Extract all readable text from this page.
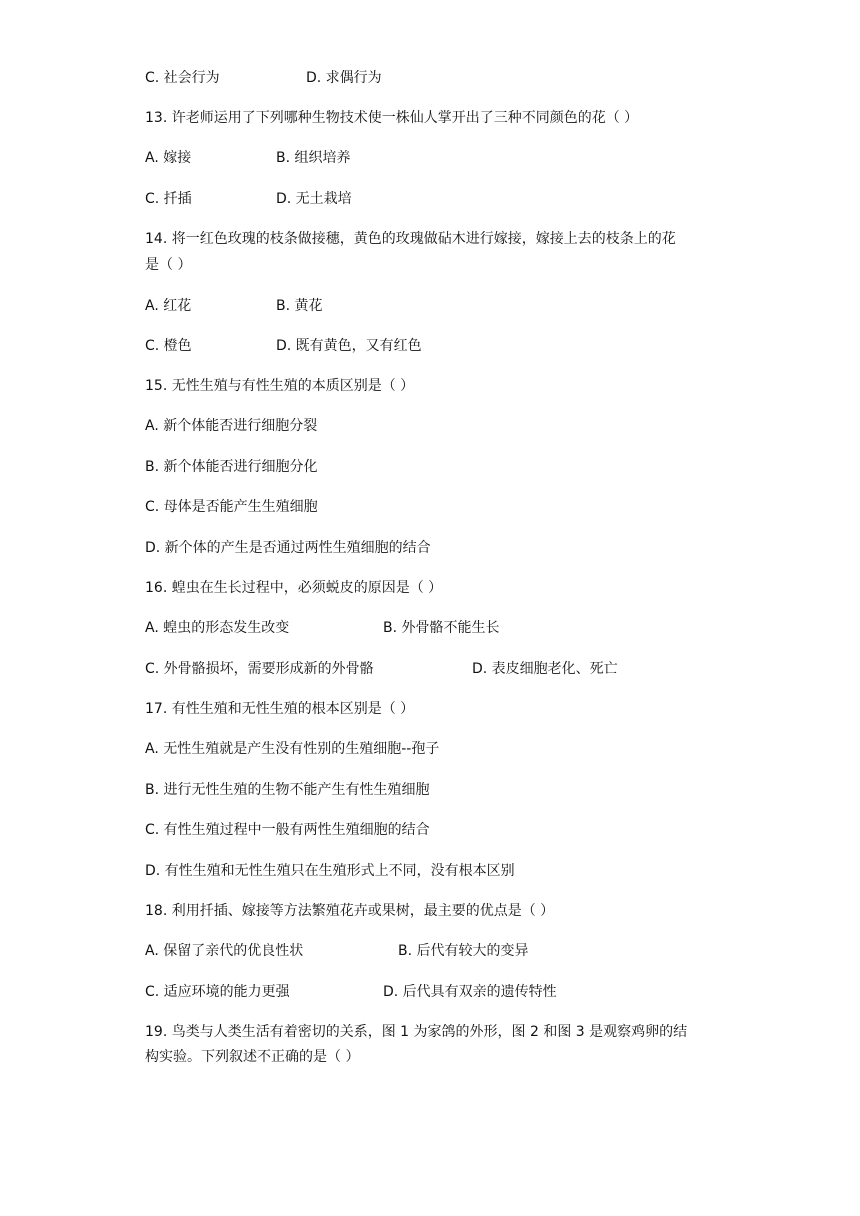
C. 社会行为	D. 求偶行为
13. 许老师运用了下列哪种生物技术使一株仙人掌开出了三种不同颜色的花（ ）
A. 嫁接	B. 组织培养
C. 扦插	D. 无土栽培
14. 将一红色玫瑰的枝条做接穗，黄色的玫瑰做砧木进行嫁接，嫁接上去的枝条上的花
是（ ）
A. 红花	B. 黄花
C. 橙色	D. 既有黄色，又有红色
15. 无性生殖与有性生殖的本质区别是（ ）
A. 新个体能否进行细胞分裂
B. 新个体能否进行细胞分化
C. 母体是否能产生生殖细胞
D. 新个体的产生是否通过两性生殖细胞的结合
16. 蝗虫在生长过程中，必须蜕皮的原因是（ ）
A. 蝗虫的形态发生改变	B. 外骨骼不能生长
C. 外骨骼损坏，需要形成新的外骨骼	D. 表皮细胞老化、死亡
17. 有性生殖和无性生殖的根本区别是（ ）
A. 无性生殖就是产生没有性别的生殖细胞--孢子
B. 进行无性生殖的生物不能产生有性生殖细胞
C. 有性生殖过程中一般有两性生殖细胞的结合
D. 有性生殖和无性生殖只在生殖形式上不同，没有根本区别
18. 利用扦插、嫁接等方法繁殖花卉或果树，最主要的优点是（ ）
A. 保留了亲代的优良性状	B. 后代有较大的变异
C. 适应环境的能力更强	D. 后代具有双亲的遗传特性
19. 鸟类与人类生活有着密切的关系，图 1 为家鸽的外形，图 2 和图 3 是观察鸡卵的结
构实验。下列叙述不正确的是（ ）
